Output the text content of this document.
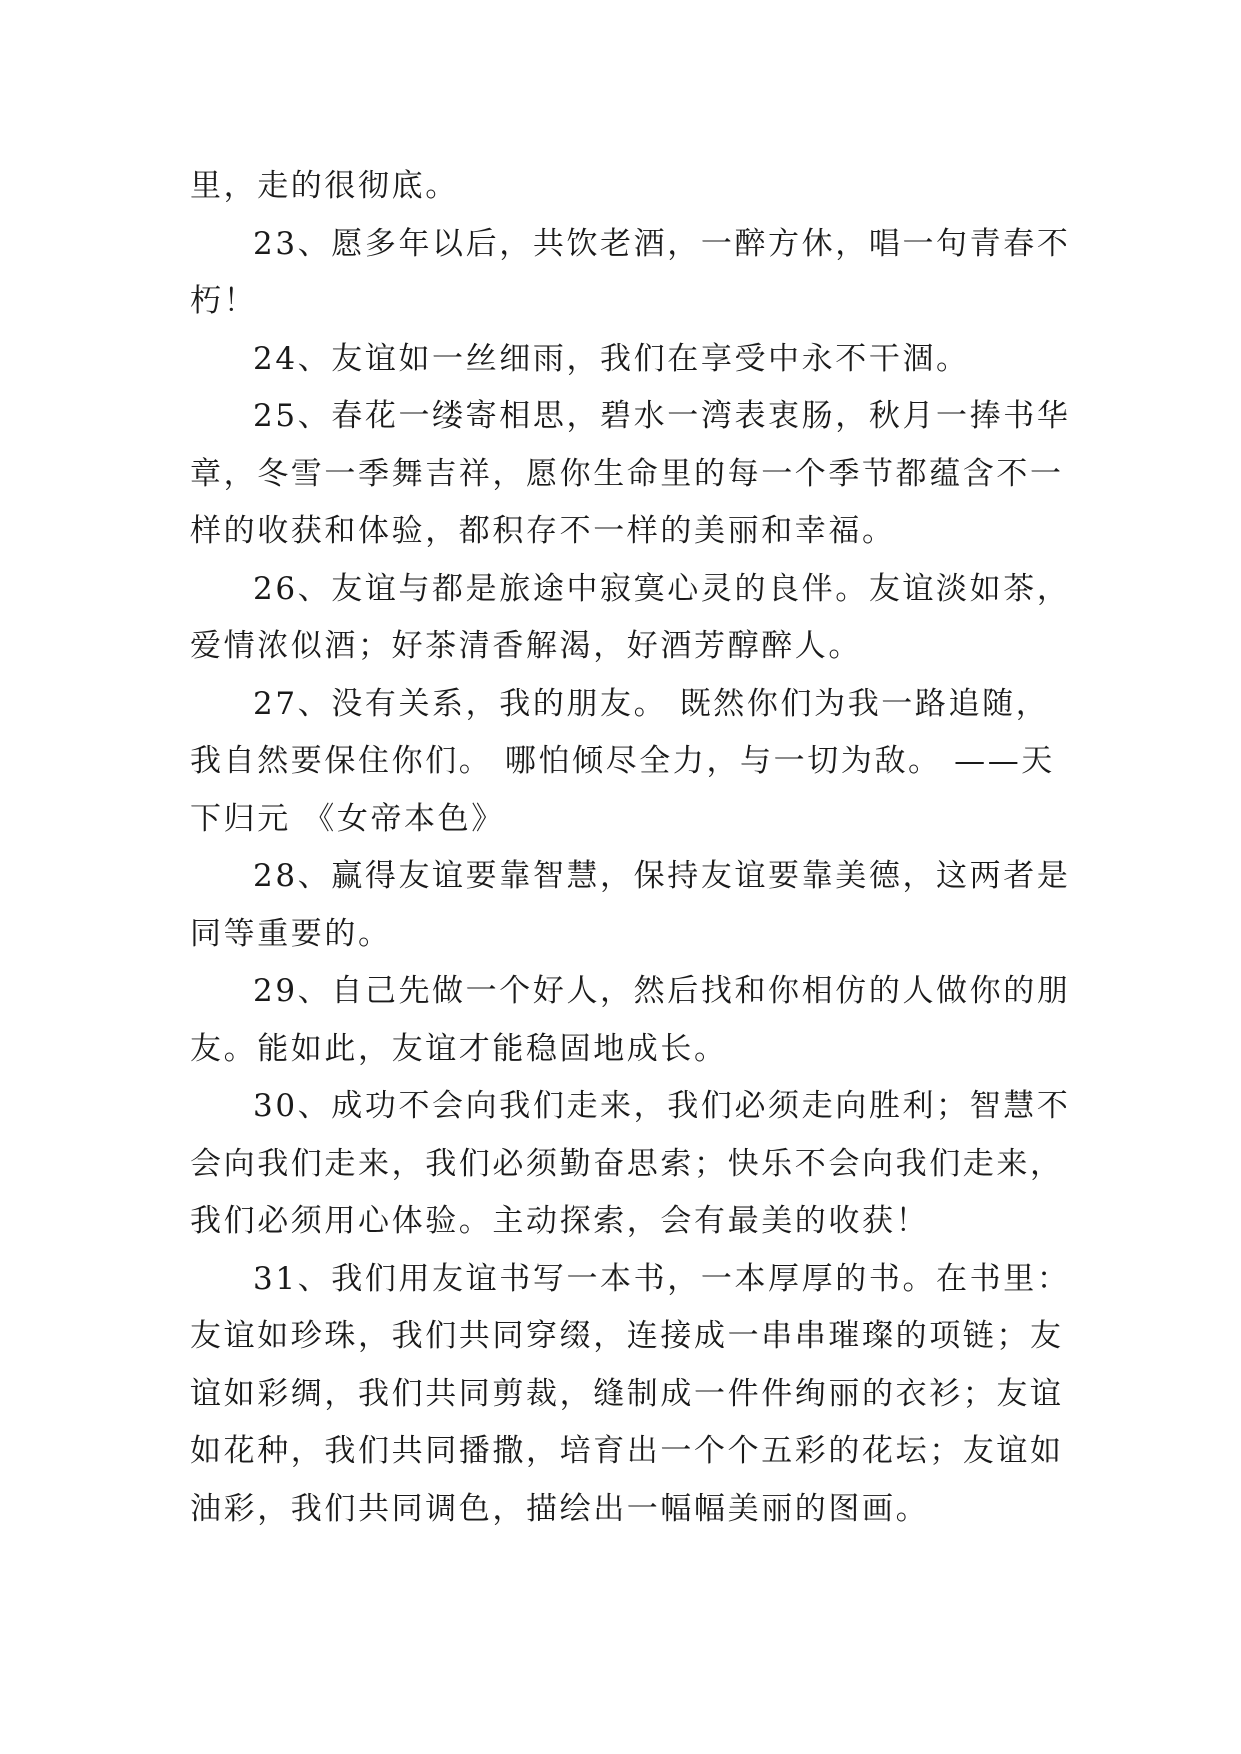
里，走的很彻底。
23、愿多年以后，共饮老酒，一醉方休，唱一句青春不
朽！
24、友谊如一丝细雨，我们在享受中永不干涸。
25、春花一缕寄相思，碧水一湾表衷肠，秋月一捧书华
章，冬雪一季舞吉祥，愿你生命里的每一个季节都蕴含不一
样的收获和体验，都积存不一样的美丽和幸福。
26、友谊与都是旅途中寂寞心灵的良伴。友谊淡如茶，
爱情浓似酒；好茶清香解渴，好酒芳醇醉人。
27、没有关系，我的朋友。 既然你们为我一路追随，
我自然要保住你们。 哪怕倾尽全力，与一切为敌。 ——天
下归元 《女帝本色》
28、赢得友谊要靠智慧，保持友谊要靠美德，这两者是
同等重要的。
29、自己先做一个好人，然后找和你相仿的人做你的朋
友。能如此，友谊才能稳固地成长。
30、成功不会向我们走来，我们必须走向胜利；智慧不
会向我们走来，我们必须勤奋思索；快乐不会向我们走来，
我们必须用心体验。主动探索，会有最美的收获！
31、我们用友谊书写一本书，一本厚厚的书。在书里：
友谊如珍珠，我们共同穿缀，连接成一串串璀璨的项链；友
谊如彩绸，我们共同剪裁，缝制成一件件绚丽的衣衫；友谊
如花种，我们共同播撒，培育出一个个五彩的花坛；友谊如
油彩，我们共同调色，描绘出一幅幅美丽的图画。
